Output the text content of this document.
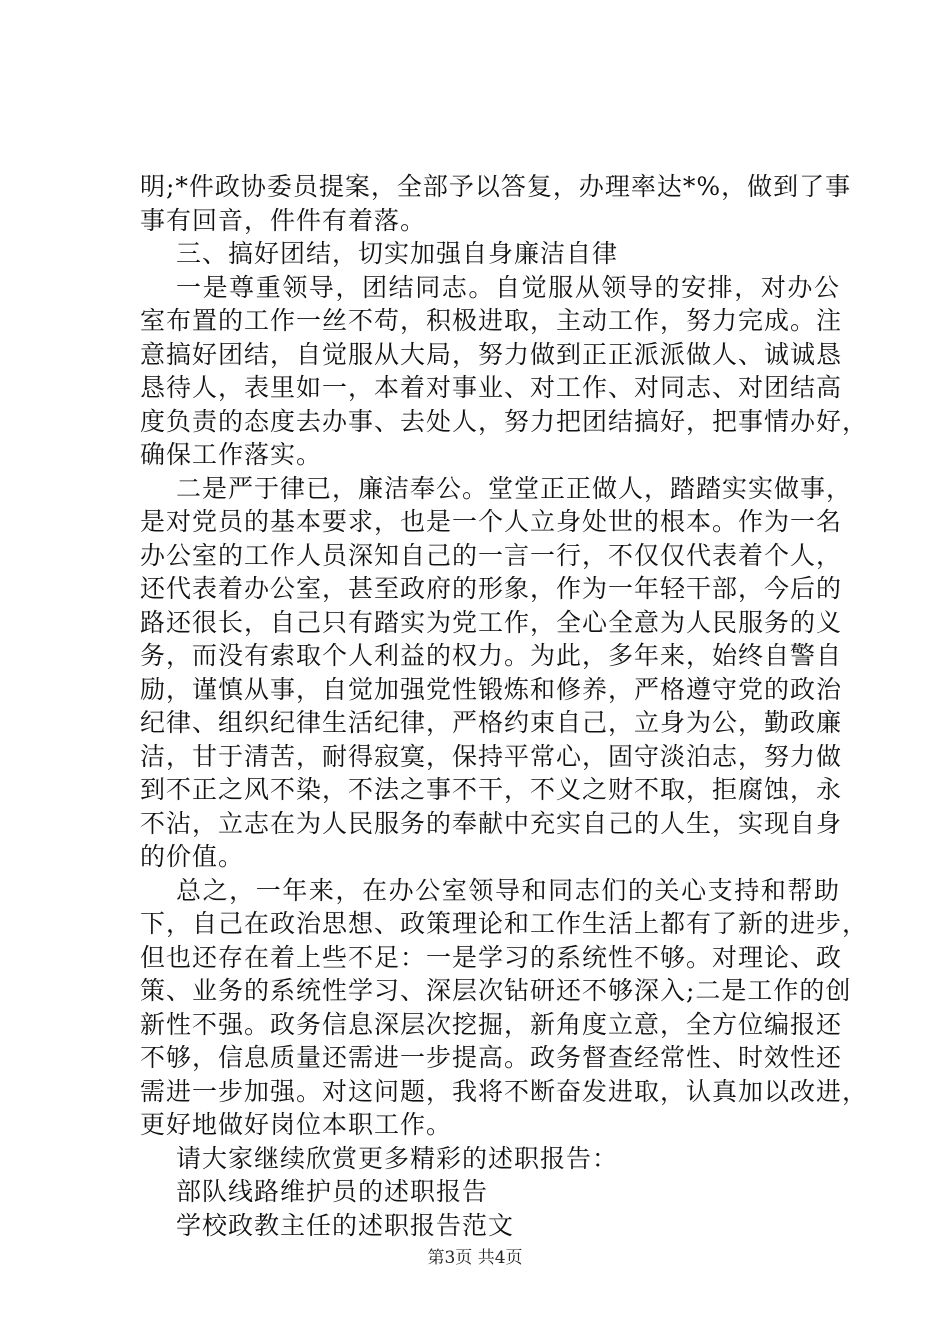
明;*件政协委员提案，全部予以答复，办理率达*%，做到了事
事有回音，件件有着落。
三、搞好团结，切实加强自身廉洁自律
一是尊重领导，团结同志。自觉服从领导的安排，对办公
室布置的工作一丝不苟，积极进取，主动工作，努力完成。注
意搞好团结，自觉服从大局，努力做到正正派派做人、诚诚恳
恳待人，表里如一，本着对事业、对工作、对同志、对团结高
度负责的态度去办事、去处人，努力把团结搞好，把事情办好，
确保工作落实。
二是严于律已，廉洁奉公。堂堂正正做人，踏踏实实做事，
是对党员的基本要求，也是一个人立身处世的根本。作为一名
办公室的工作人员深知自己的一言一行，不仅仅代表着个人，
还代表着办公室，甚至政府的形象，作为一年轻干部，今后的
路还很长，自己只有踏实为党工作，全心全意为人民服务的义
务，而没有索取个人利益的权力。为此，多年来，始终自警自
励，谨慎从事，自觉加强党性锻炼和修养，严格遵守党的政治
纪律、组织纪律生活纪律，严格约束自己，立身为公，勤政廉
洁，甘于清苦，耐得寂寞，保持平常心，固守淡泊志，努力做
到不正之风不染，不法之事不干，不义之财不取，拒腐蚀，永
不沾，立志在为人民服务的奉献中充实自己的人生，实现自身
的价值。
总之，一年来，在办公室领导和同志们的关心支持和帮助
下，自己在政治思想、政策理论和工作生活上都有了新的进步，
但也还存在着上些不足：一是学习的系统性不够。对理论、政
策、业务的系统性学习、深层次钻研还不够深入;二是工作的创
新性不强。政务信息深层次挖掘，新角度立意，全方位编报还
不够，信息质量还需进一步提高。政务督查经常性、时效性还
需进一步加强。对这问题，我将不断奋发进取，认真加以改进，
更好地做好岗位本职工作。
请大家继续欣赏更多精彩的述职报告：
部队线路维护员的述职报告
学校政教主任的述职报告范文
第3页 共4页
